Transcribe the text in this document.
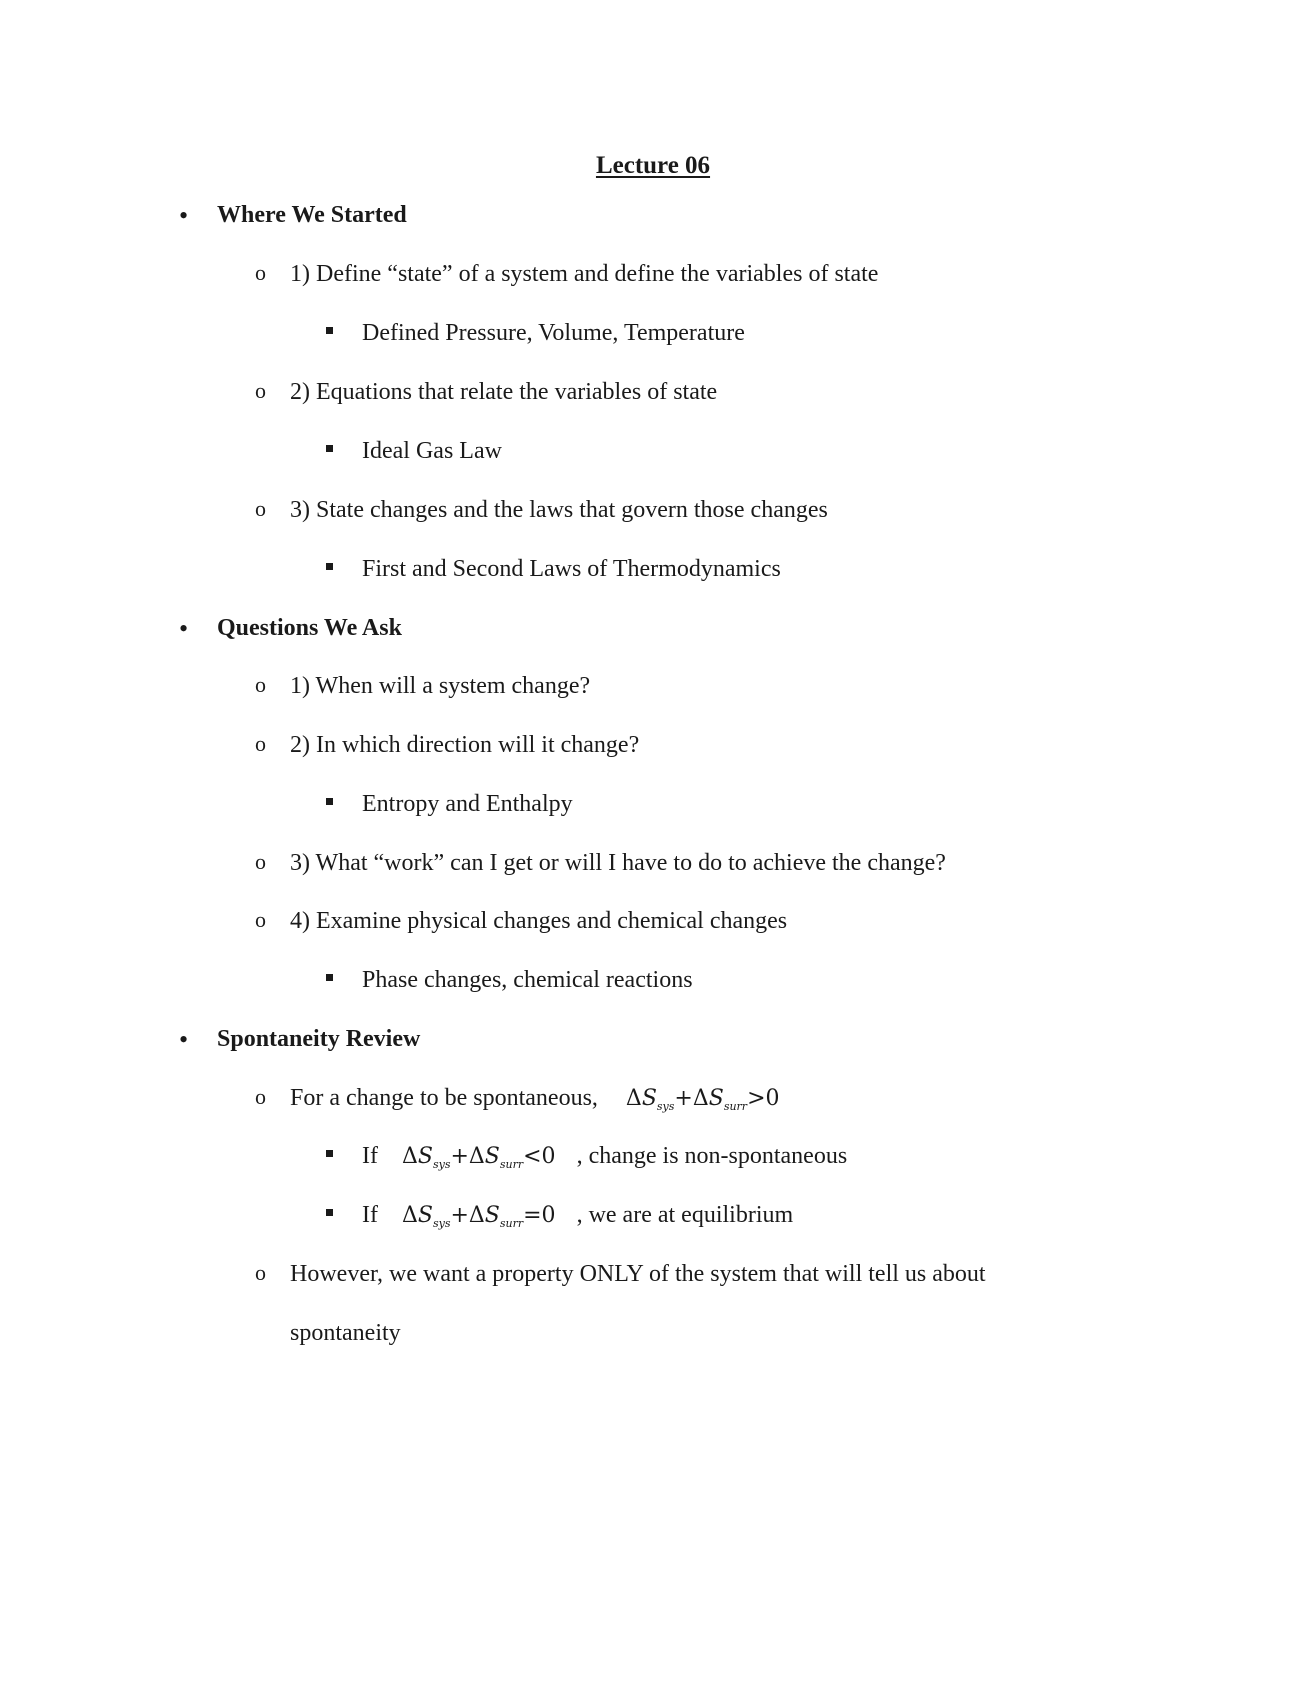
Lecture 06
• Where We Started
o 1) Define “state” of a system and define the variables of state
Defined Pressure, Volume, Temperature
o 2) Equations that relate the variables of state
Ideal Gas Law
o 3) State changes and the laws that govern those changes
First and Second Laws of Thermodynamics
• Questions We Ask
o 1) When will a system change?
o 2) In which direction will it change?
Entropy and Enthalpy
o 3) What “work” can I get or will I have to do to achieve the change?
o 4) Examine physical changes and chemical changes
Phase changes, chemical reactions
• Spontaneity Review
o For a change to be spontaneous, $\Delta S_{sys}+\Delta S_{surr}>0$
If $\Delta S_{sys}+\Delta S_{surr}<0$ , change is non-spontaneous
If $\Delta S_{sys}+\Delta S_{surr}=0$ , we are at equilibrium
o However, we want a property ONLY of the system that will tell us about
spontaneity
